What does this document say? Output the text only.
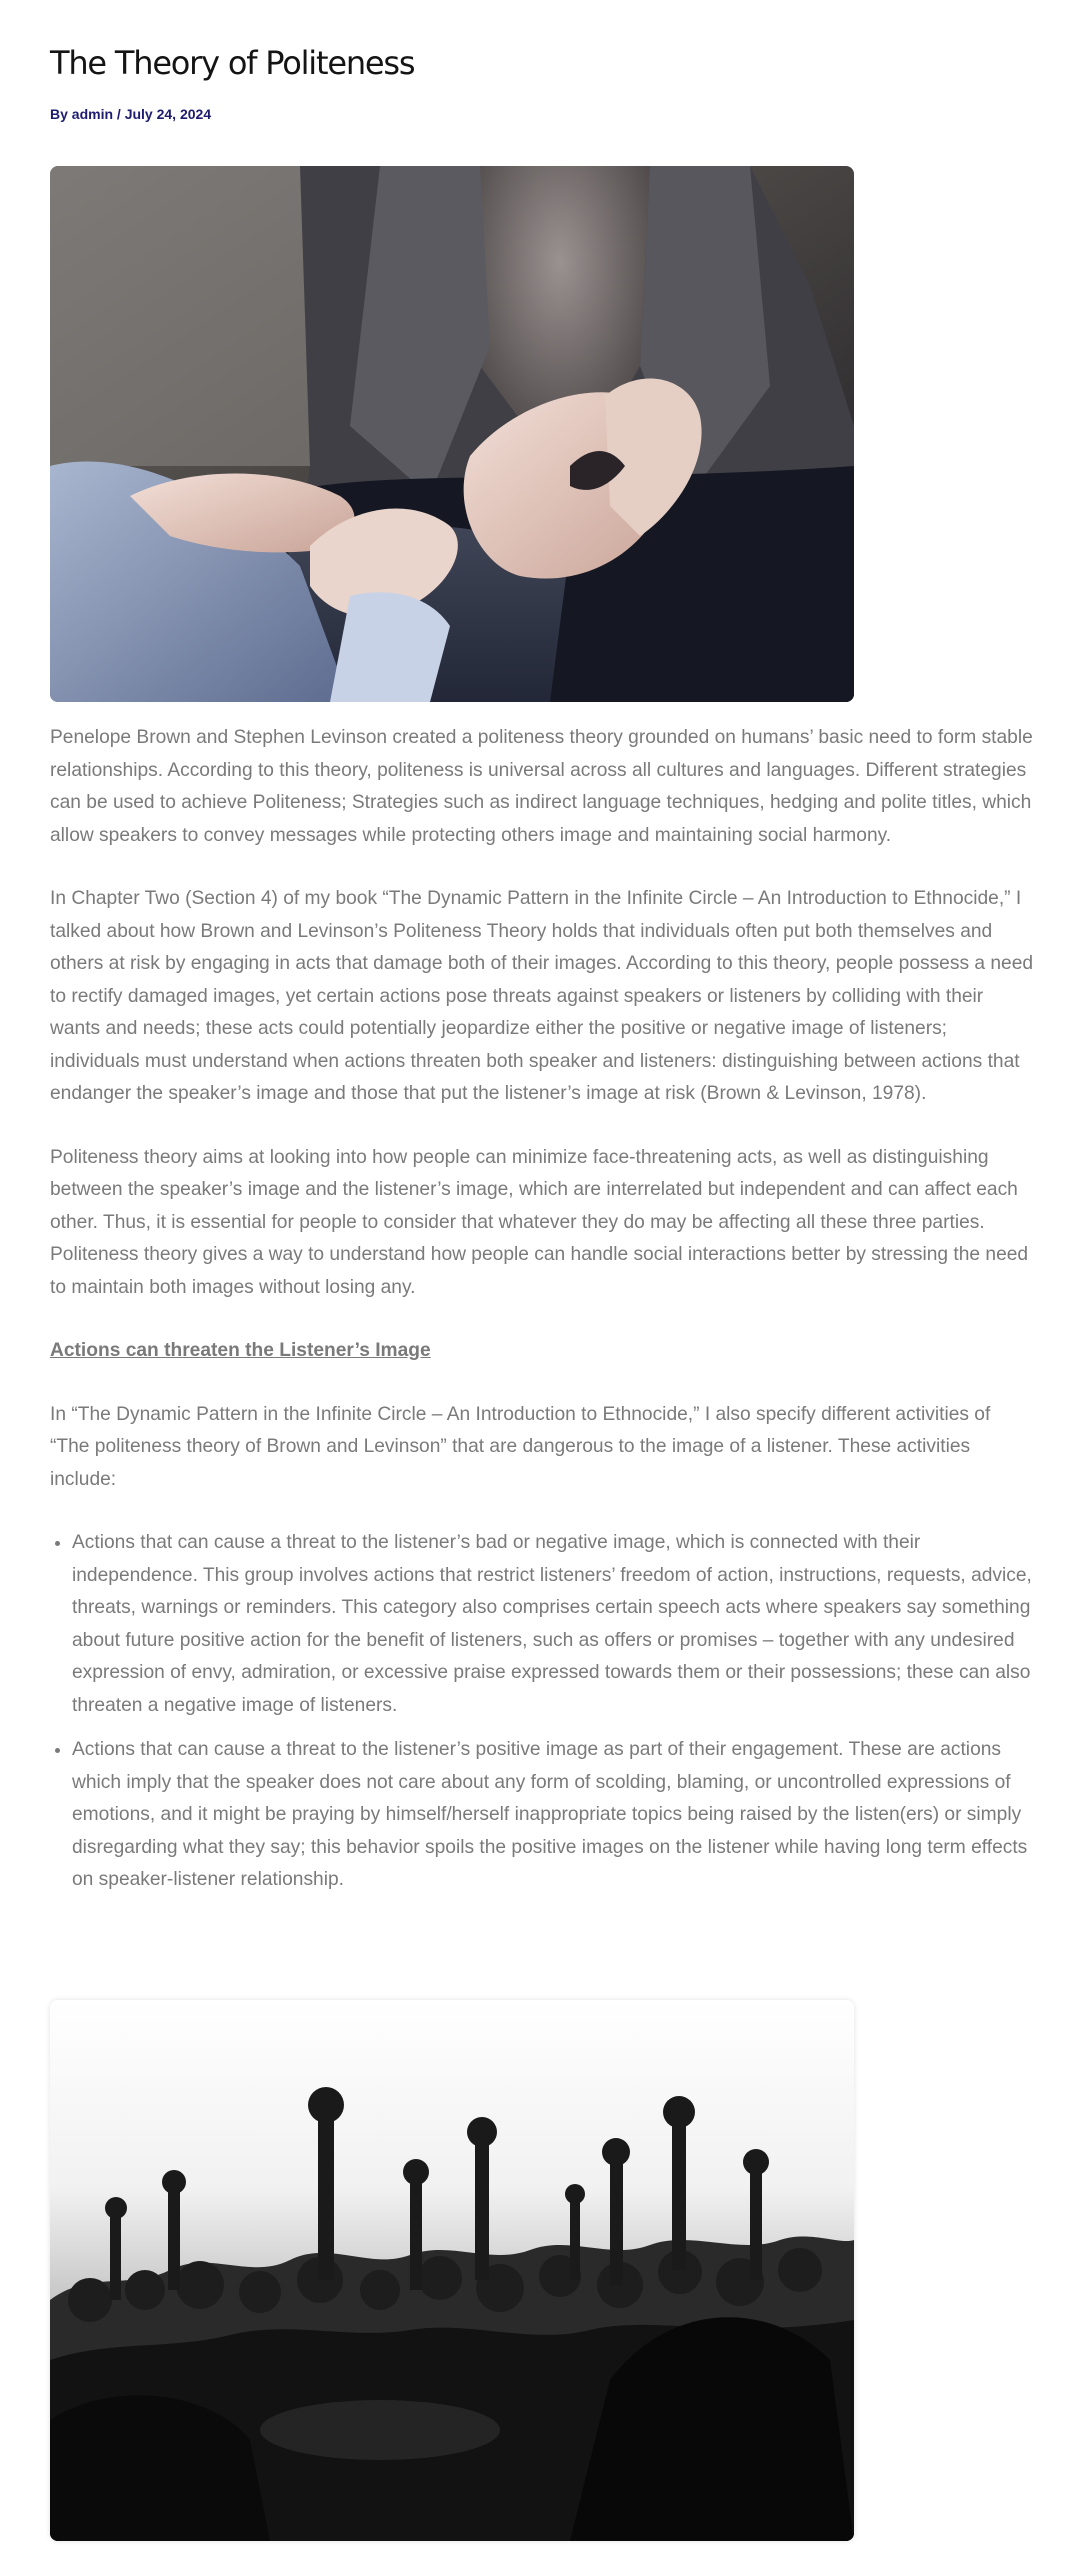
The Theory of Politeness
By admin / July 24, 2024

Penelope Brown and Stephen Levinson created a politeness theory grounded on humans’ basic need to form stable relationships. According to this theory, politeness is universal across all cultures and languages. Different strategies can be used to achieve Politeness; Strategies such as indirect language techniques, hedging and polite titles, which allow speakers to convey messages while protecting others image and maintaining social harmony.

In Chapter Two (Section 4) of my book “The Dynamic Pattern in the Infinite Circle – An Introduction to Ethnocide,” I talked about how Brown and Levinson’s Politeness Theory holds that individuals often put both themselves and others at risk by engaging in acts that damage both of their images. According to this theory, people possess a need to rectify damaged images, yet certain actions pose threats against speakers or listeners by colliding with their wants and needs; these acts could potentially jeopardize either the positive or negative image of listeners; individuals must understand when actions threaten both speaker and listeners: distinguishing between actions that endanger the speaker’s image and those that put the listener’s image at risk (Brown & Levinson, 1978).

Politeness theory aims at looking into how people can minimize face-threatening acts, as well as distinguishing between the speaker’s image and the listener’s image, which are interrelated but independent and can affect each other. Thus, it is essential for people to consider that whatever they do may be affecting all these three parties. Politeness theory gives a way to understand how people can handle social interactions better by stressing the need to maintain both images without losing any.

Actions can threaten the Listener’s Image

In “The Dynamic Pattern in the Infinite Circle – An Introduction to Ethnocide,” I also specify different activities of “The politeness theory of Brown and Levinson” that are dangerous to the image of a listener. These activities include:

• Actions that can cause a threat to the listener’s bad or negative image, which is connected with their independence. This group involves actions that restrict listeners’ freedom of action, instructions, requests, advice, threats, warnings or reminders. This category also comprises certain speech acts where speakers say something about future positive action for the benefit of listeners, such as offers or promises – together with any undesired expression of envy, admiration, or excessive praise expressed towards them or their possessions; these can also threaten a negative image of listeners.
• Actions that can cause a threat to the listener’s positive image as part of their engagement. These are actions which imply that the speaker does not care about any form of scolding, blaming, or uncontrolled expressions of emotions, and it might be praying by himself/herself inappropriate topics being raised by the listen(ers) or simply disregarding what they say; this behavior spoils the positive images on the listener while having long term effects on speaker-listener relationship.
